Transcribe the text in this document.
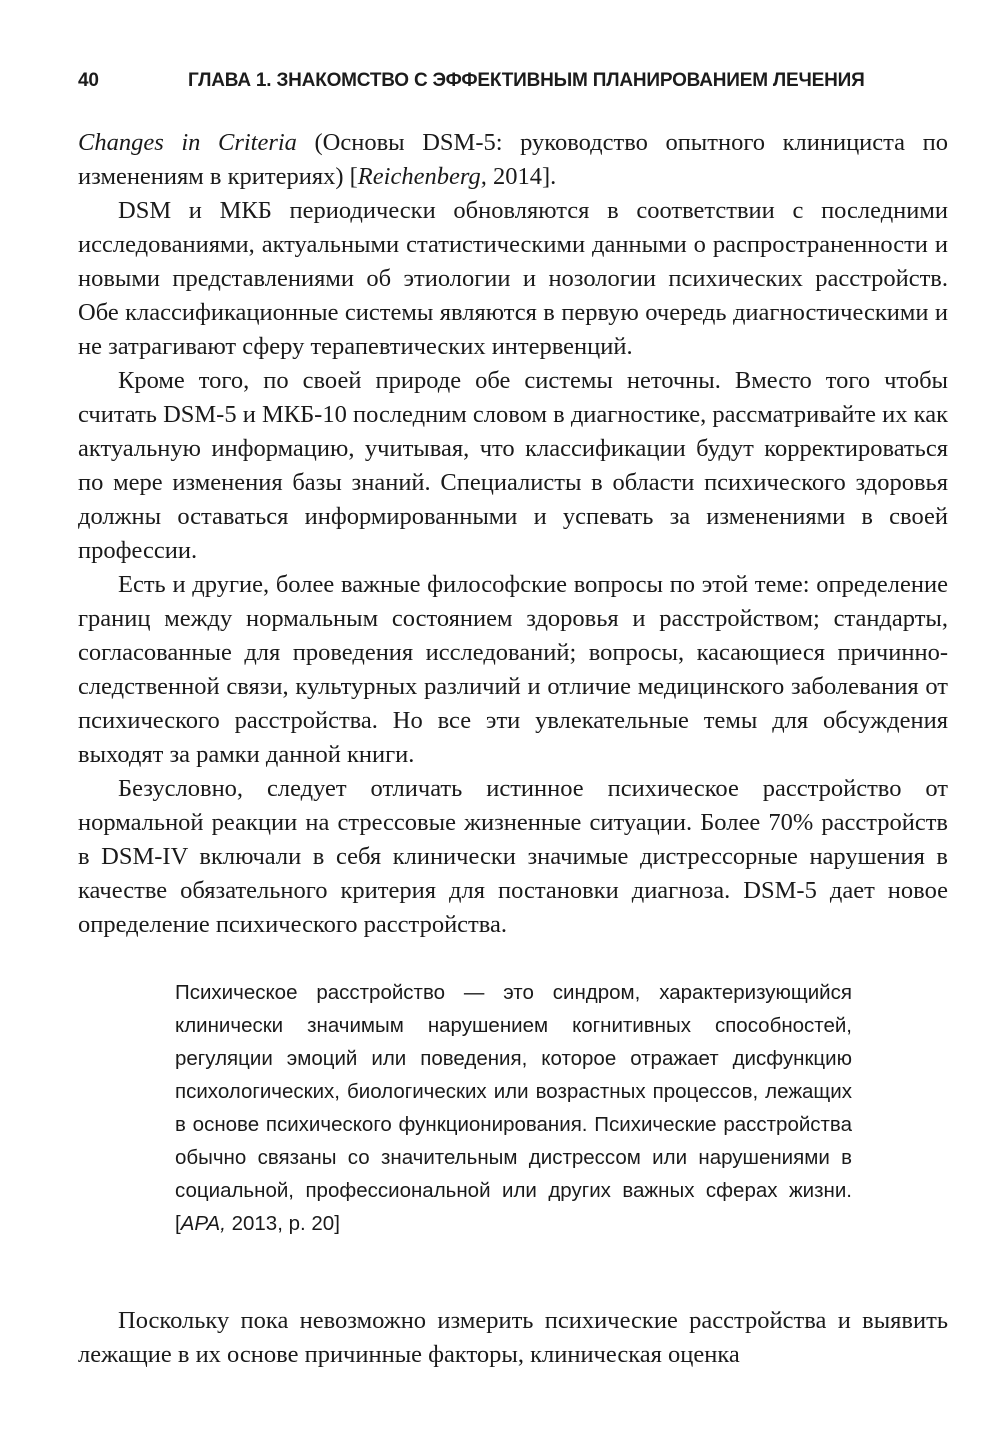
40	ГЛАВА 1. ЗНАКОМСТВО С ЭФФЕКТИВНЫМ ПЛАНИРОВАНИЕМ ЛЕЧЕНИЯ

Changes in Criteria (Основы DSM-5: руководство опытного клинициста по изменениям в критериях) [Reichenberg, 2014].

DSM и МКБ периодически обновляются в соответствии с последними исследованиями, актуальными статистическими данными о распространенности и новыми представлениями об этиологии и нозологии психических расстройств. Обе классификационные системы являются в первую очередь диагностическими и не затрагивают сферу терапевтических интервенций.

Кроме того, по своей природе обе системы неточны. Вместо того чтобы считать DSM-5 и МКБ-10 последним словом в диагностике, рассматривайте их как актуальную информацию, учитывая, что классификации будут корректироваться по мере изменения базы знаний. Специалисты в области психического здоровья должны оставаться информированными и успевать за изменениями в своей профессии.

Есть и другие, более важные философские вопросы по этой теме: определение границ между нормальным состоянием здоровья и расстройством; стандарты, согласованные для проведения исследований; вопросы, касающиеся причинно-следственной связи, культурных различий и отличие медицинского заболевания от психического расстройства. Но все эти увлекательные темы для обсуждения выходят за рамки данной книги.

Безусловно, следует отличать истинное психическое расстройство от нормальной реакции на стрессовые жизненные ситуации. Более 70% расстройств в DSM-IV включали в себя клинически значимые дистрессорные нарушения в качестве обязательного критерия для постановки диагноза. DSM-5 дает новое определение психического расстройства.

Психическое расстройство — это синдром, характеризующийся клинически значимым нарушением когнитивных способностей, регуляции эмоций или поведения, которое отражает дисфункцию психологических, биологических или возрастных процессов, лежащих в основе психического функционирования. Психические расстройства обычно связаны со значительным дистрессом или нарушениями в социальной, профессиональной или других важных сферах жизни. [APA, 2013, p. 20]

Поскольку пока невозможно измерить психические расстройства и выявить лежащие в их основе причинные факторы, клиническая оценка
